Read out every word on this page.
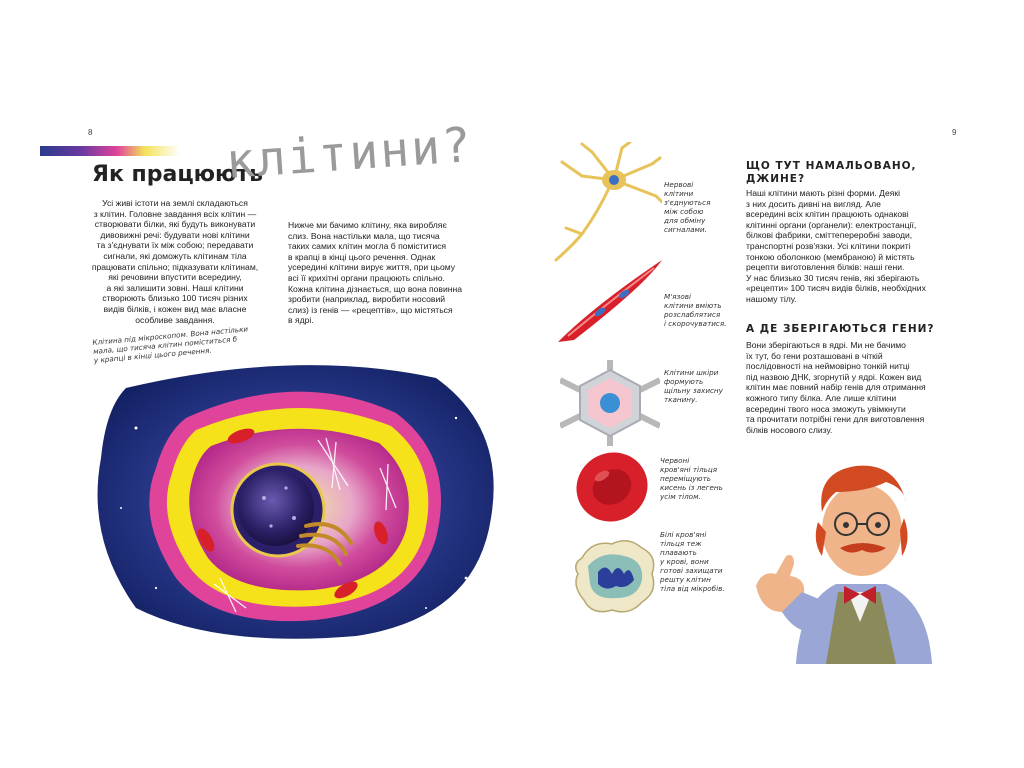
8
Як працюють
клітини?
Усі живі істоти на землі складаються
з клітин. Головне завдання всіх клітин —
створювати білки, які будуть виконувати
дивовижні речі: будувати нові клітини
та з'єднувати їх між собою; передавати
сигнали, які доможуть клітинам тіла
працювати спільно; підказувати клітинам,
які речовини впустити всередину,
а які залишити зовні. Наші клітини
створюють близько 100 тисяч різних
видів білків, і кожен вид має власне
особливе завдання.
Нижче ми бачимо клітину, яка виробляє
слиз. Вона настільки мала, що тисяча
таких самих клітин могла б поміститися
в крапці в кінці цього речення. Однак
усередині клітини вирує життя, при цьому
всі її крихітні органи працюють спільно.
Кожна клітина дізнається, що вона повинна
зробити (наприклад, виробити носовий
слиз) із генів — «рецептів», що містяться
в ядрі.
Клітина під мікроскопом. Вона настільки
мала, що тисяча клітин поміститься б
у крапці в кінці цього речення.
9
Нервові
клітини
з'єднуються
між собою
для обміну
сигналами.
М'язові
клітини вміють
розслаблятися
і скорочуватися.
Клітини шкіри
формують
щільну захисну
тканину.
Червоні
кров'яні тільця
переміщують
кисень із легень
усім тілом.
Білі кров'яні
тільця теж
плавають
у крові, вони
готові захищати
решту клітин
тіла від мікробів.
ЩО ТУТ НАМАЛЬОВАНО,
ДЖИНЕ?
Наші клітини мають різні форми. Деякі
з них досить дивні на вигляд. Але
всередині всіх клітин працюють однакові
клітинні органи (органели): електростанції,
білкові фабрики, сміттепереробні заводи,
транспортні розв'язки. Усі клітини покриті
тонкою оболонкою (мембраною) й містять
рецепти виготовлення білків: наші гени.
У нас близько 30 тисяч генів, які зберігають
«рецепти» 100 тисяч видів білків, необхідних
нашому тілу.
А ДЕ ЗБЕРІГАЮТЬСЯ ГЕНИ?
Вони зберігаються в ядрі. Ми не бачимо
їх тут, бо гени розташовані в чіткій
послідовності на неймовірно тонкій нитці
під назвою ДНК, згорнутій у ядрі. Кожен вид
клітин має повний набір генів для отримання
кожного типу білка. Але лише клітини
всередині твого носа зможуть увімкнути
та прочитати потрібні гени для виготовлення
білків носового слизу.
